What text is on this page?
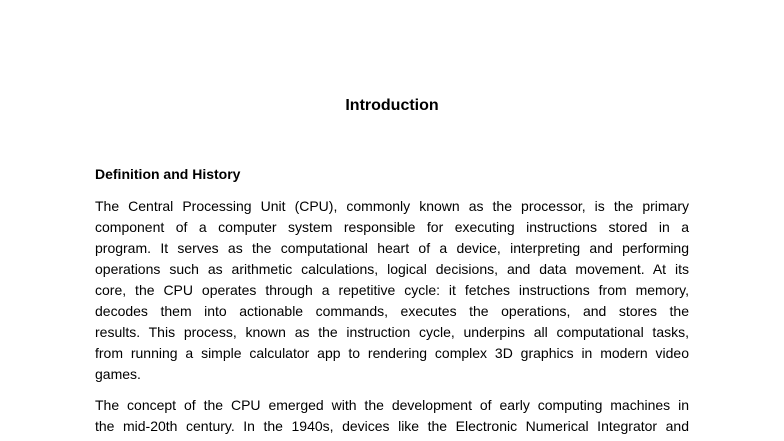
Introduction
Definition and History
The Central Processing Unit (CPU), commonly known as the processor, is the primary
component of a computer system responsible for executing instructions stored in a
program. It serves as the computational heart of a device, interpreting and performing
operations such as arithmetic calculations, logical decisions, and data movement. At its
core, the CPU operates through a repetitive cycle: it fetches instructions from memory,
decodes them into actionable commands, executes the operations, and stores the
results. This process, known as the instruction cycle, underpins all computational tasks,
from running a simple calculator app to rendering complex 3D graphics in modern video
games.
The concept of the CPU emerged with the development of early computing machines in
the mid-20th century. In the 1940s, devices like the Electronic Numerical Integrator and
